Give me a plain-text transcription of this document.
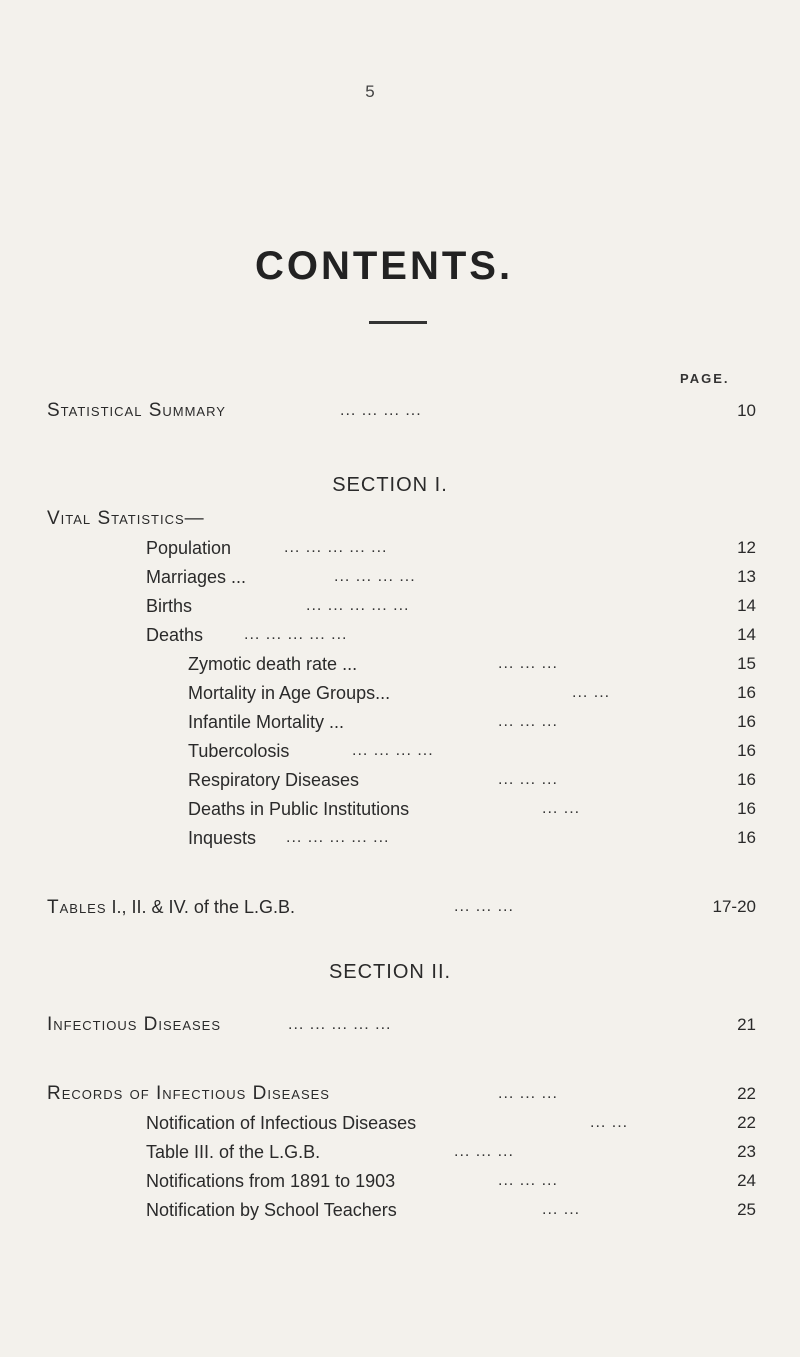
5
CONTENTS.
PAGE.
Statistical Summary	... ... ... ...	10
SECTION I.
Vital Statistics—
Population	... ... ... ... ...	12
Marriages ...	... ... ... ...	13
Births	... ... ... ... ...	14
Deaths	... ... ... ... ...	14
Zymotic death rate ...	... ... ...	15
Mortality in Age Groups...	... ...	16
Infantile Mortality ...	... ... ...	16
Tubercolosis	... ... ... ...	16
Respiratory Diseases	... ... ...	16
Deaths in Public Institutions	... ...	16
Inquests ... ... ... ... ...	16
Tables I., II. & IV. of the L.G.B.	... ... ...	17-20
SECTION II.
Infectious Diseases	... ... ... ... ...	21
Records of Infectious Diseases	... ... ...	22
Notification of Infectious Diseases	... ...	22
Table III. of the L.G.B.	... ... ...	23
Notifications from 1891 to 1903	... ... ...	24
Notification by School Teachers	... ...	25
